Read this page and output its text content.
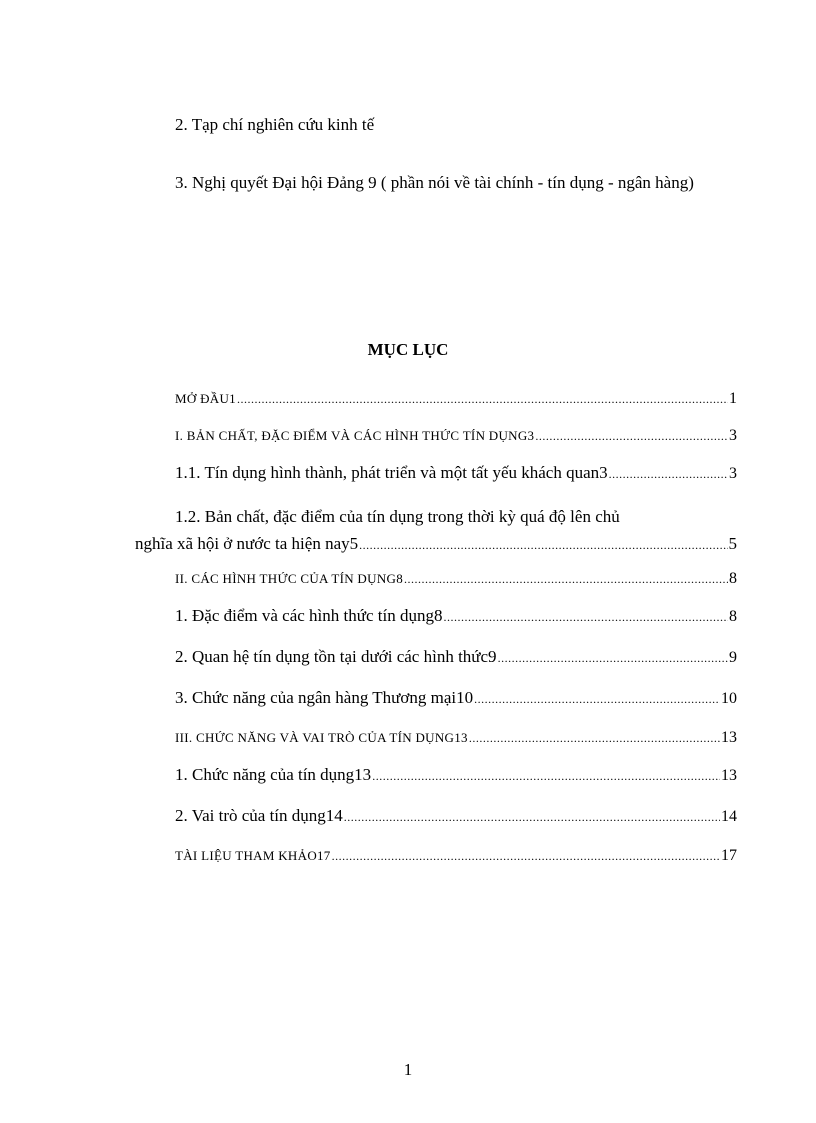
2. Tạp chí nghiên cứu kinh tế

3. Nghị quyết Đại hội Đảng 9 ( phần nói về tài chính - tín dụng - ngân hàng)

MỤC LỤC
MỞ ĐẦU1 .....	1
I. BẢN CHẤT, ĐẶC ĐIỂM VÀ CÁC HÌNH THỨC TÍN DỤNG3 .....	3
1.1. Tín dụng hình thành, phát triển và một tất yếu khách quan3 .....	3
1.2. Bản chất, đặc điểm của tín dụng trong thời kỳ quá độ lên chủ
nghĩa xã hội ở nước ta hiện nay5 .....	5
II. CÁC HÌNH THỨC CỦA TÍN DỤNG8 .....	8
1. Đặc điểm và các hình thức tín dụng8 .....	8
2. Quan hệ tín dụng tồn tại dưới các hình thức9 .....	9
3. Chức năng của ngân hàng Thương mại10 .....	10
III. CHỨC NĂNG VÀ VAI TRÒ CỦA TÍN DỤNG13 .....	13
1. Chức năng của tín dụng13 .....	13
2. Vai trò của tín dụng14 .....	14
TÀI LIỆU THAM KHẢO17 .....	17
1
